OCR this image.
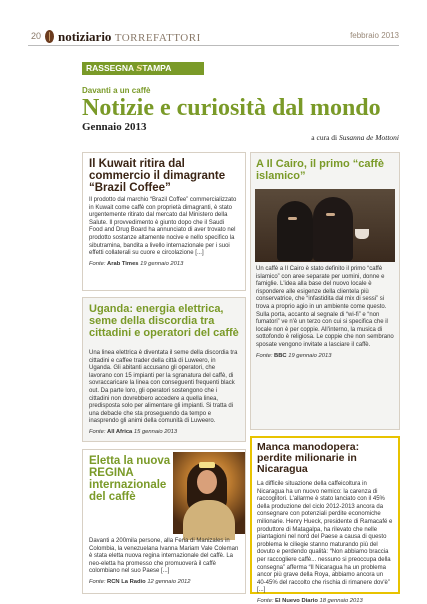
20 notiziario TORREFATTORI	febbraio 2013
RASSEGNA STAMPA
Davanti a un caffè
Notizie e curiosità dal mondo
Gennaio 2013
a cura di Susanna de Mottoni
Il Kuwait ritira dal commercio il dimagrante “Brazil Coffee”

Il prodotto dal marchio “Brazil Coffee” commercializzato in Kuwait come caffè con proprietà dimagranti, è stato urgentemente ritirato dal mercato dal Ministero della Salute. Il provvedimento è giunto dopo che il Saudi Food and Drug Board ha annunciato di aver trovato nel prodotto sostanze altamente nocive e nello specifico la sibutramina, bandita a livello internazionale per i suoi effetti collaterali su cuore e circolazione [...]

Fonte: Arab Times 19 gennaio 2013

A Il Cairo, il primo “caffè islamico”

Un caffè a Il Cairo è stato definito il primo “caffè islamico” con aree separate per uomini, donne e famiglie. L'idea alla base del nuovo locale è rispondere alle esigenze della clientela più conservatrice, che “infastidita dal mix di sessi” si trova a proprio agio in un ambiente come questo. Sulla porta, accanto al segnale di “wi-fi” e “non fumatori” ve n'è un terzo con cui si specifica che il locale non è per coppie. All'interno, la musica di sottofondo è religiosa. Le coppie che non sembrano sposate vengono invitate a lasciare il caffè.

Fonte: BBC 19 gennaio 2013

Uganda: energia elettrica, seme della discordia tra cittadini e operatori del caffè

Una linea elettrica è diventata il seme della discordia tra cittadini e caffee trader della città di Luweero, in Uganda. Gli abitanti accusano gli operatori, che lavorano con 15 impianti per la sgranatura del caffè, di sovraccaricare la linea con conseguenti frequenti black out. Da parte loro, gli operatori sostengono che i cittadini non dovrebbero accedere a quella linea, predisposta solo per alimentare gli impianti. Si tratta di una debacle che sta proseguendo da tempo e inasprendo gli animi della comunità di Luweero.

Fonte: All Africa 15 gennaio 2013

Eletta la nuova REGINA internazionale del caffè

Davanti a 200mila persone, alla Feria di Manizales in Colombia, la venezuelana Ivanna Mariam Vale Coleman è stata eletta nuova regina internazionale del caffè. La neo-eletta ha promesso che promuoverà il caffè colombiano nel suo Paese [...]

Fonte: RCN La Radio 12 gennaio 2012

Manca manodopera: perdite milionarie in Nicaragua

La difficile situazione della caffeicoltura in Nicaragua ha un nuovo nemico: la carenza di raccoglitori. L'allarme è stato lanciato con il 45% della produzione del ciclo 2012-2013 ancora da consegnare con potenziali perdite economiche milionarie. Henry Hueck, presidente di Ramacafé e produttore di Matagalpa, ha rilevato che nelle piantagioni nel nord del Paese a causa di questo problema le ciliegie stanno maturando più del dovuto e perdendo qualità: “Non abbiamo braccia per raccogliere caffè... nessuno si preoccupa della consegna” afferma “Il Nicaragua ha un problema ancor più grave della Roya, abbiamo ancora un 40-45% del raccolto che rischia di rimanere dov'è” [...]

Fonte: El Nuevo Diario 18 gennaio 2013
